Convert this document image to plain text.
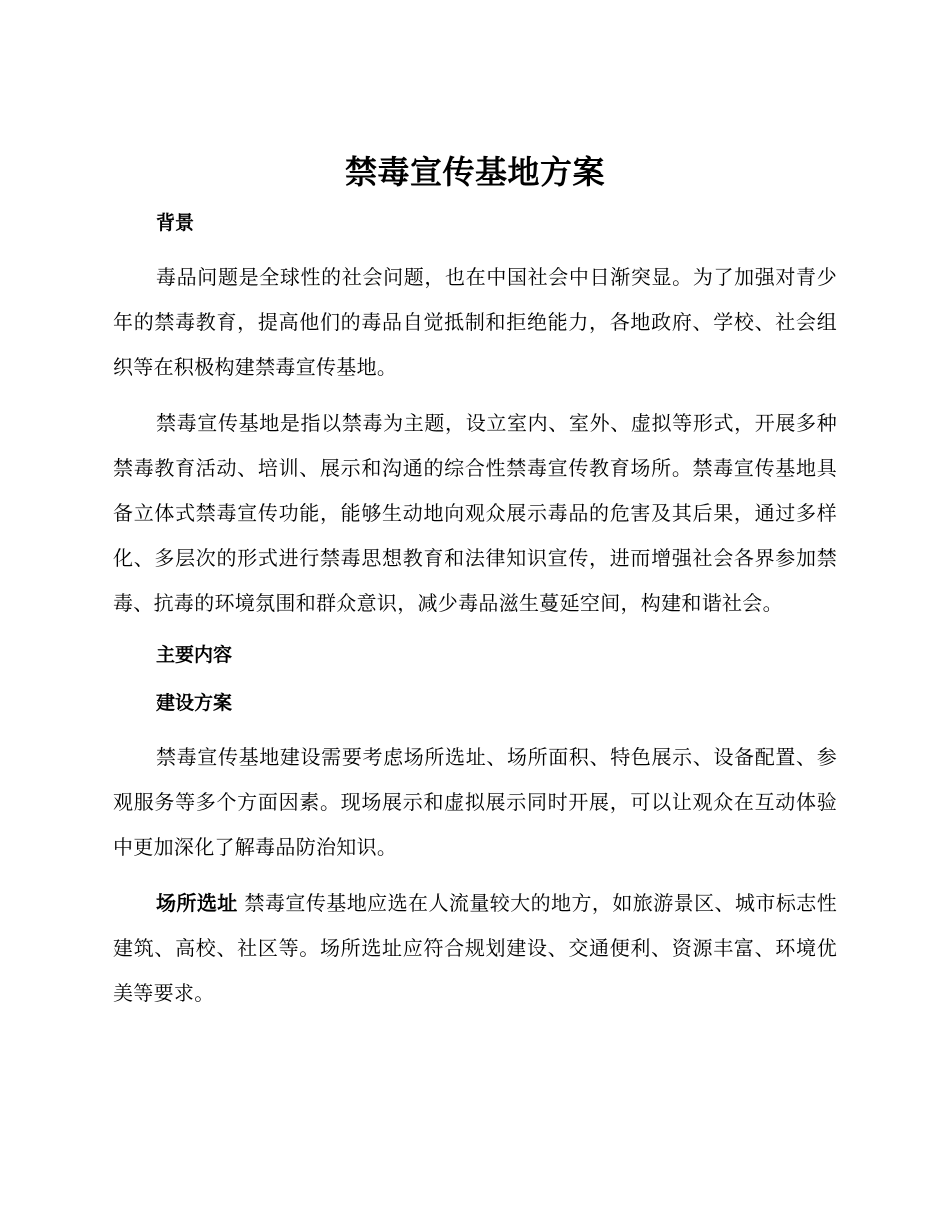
禁毒宣传基地方案

背景

毒品问题是全球性的社会问题，也在中国社会中日渐突显。为了加强对青少年的禁毒教育，提高他们的毒品自觉抵制和拒绝能力，各地政府、学校、社会组织等在积极构建禁毒宣传基地。

禁毒宣传基地是指以禁毒为主题，设立室内、室外、虚拟等形式，开展多种禁毒教育活动、培训、展示和沟通的综合性禁毒宣传教育场所。禁毒宣传基地具备立体式禁毒宣传功能，能够生动地向观众展示毒品的危害及其后果，通过多样化、多层次的形式进行禁毒思想教育和法律知识宣传，进而增强社会各界参加禁毒、抗毒的环境氛围和群众意识，减少毒品滋生蔓延空间，构建和谐社会。

主要内容

建设方案

禁毒宣传基地建设需要考虑场所选址、场所面积、特色展示、设备配置、参观服务等多个方面因素。现场展示和虚拟展示同时开展，可以让观众在互动体验中更加深化了解毒品防治知识。

场所选址 禁毒宣传基地应选在人流量较大的地方，如旅游景区、城市标志性建筑、高校、社区等。场所选址应符合规划建设、交通便利、资源丰富、环境优美等要求。
